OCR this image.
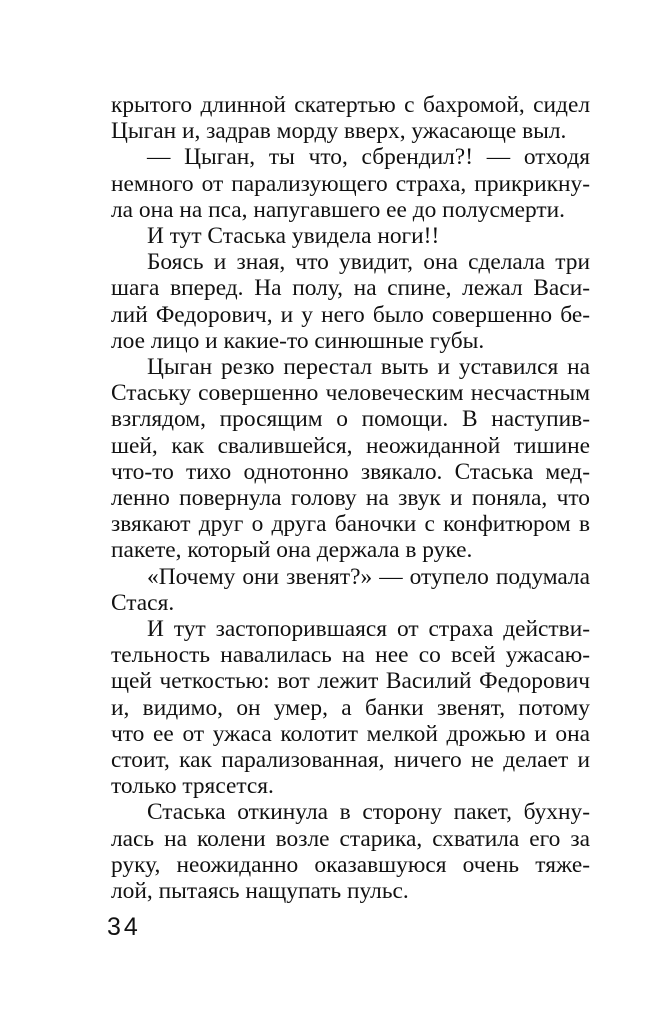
крытого длинной скатертью с бахромой, сидел
Цыган и, задрав морду вверх, ужасающе выл.
— Цыган, ты что, сбрендил?! — отходя
немного от парализующего страха, прикрикну-
ла она на пса, напугавшего ее до полусмерти.
И тут Стаська увидела ноги!!
Боясь и зная, что увидит, она сделала три
шага вперед. На полу, на спине, лежал Васи-
лий Федорович, и у него было совершенно бе-
лое лицо и какие-то синюшные губы.
Цыган резко перестал выть и уставился на
Стаську совершенно человеческим несчастным
взглядом, просящим о помощи. В наступив-
шей, как свалившейся, неожиданной тишине
что-то тихо однотонно звякало. Стаська мед-
ленно повернула голову на звук и поняла, что
звякают друг о друга баночки с конфитюром в
пакете, который она держала в руке.
«Почему они звенят?» — отупело подумала
Стася.
И тут застопорившаяся от страха действи-
тельность навалилась на нее со всей ужасаю-
щей четкостью: вот лежит Василий Федорович
и, видимо, он умер, а банки звенят, потому
что ее от ужаса колотит мелкой дрожью и она
стоит, как парализованная, ничего не делает и
только трясется.
Стаська откинула в сторону пакет, бухну-
лась на колени возле старика, схватила его за
руку, неожиданно оказавшуюся очень тяже-
лой, пытаясь нащупать пульс.
34
